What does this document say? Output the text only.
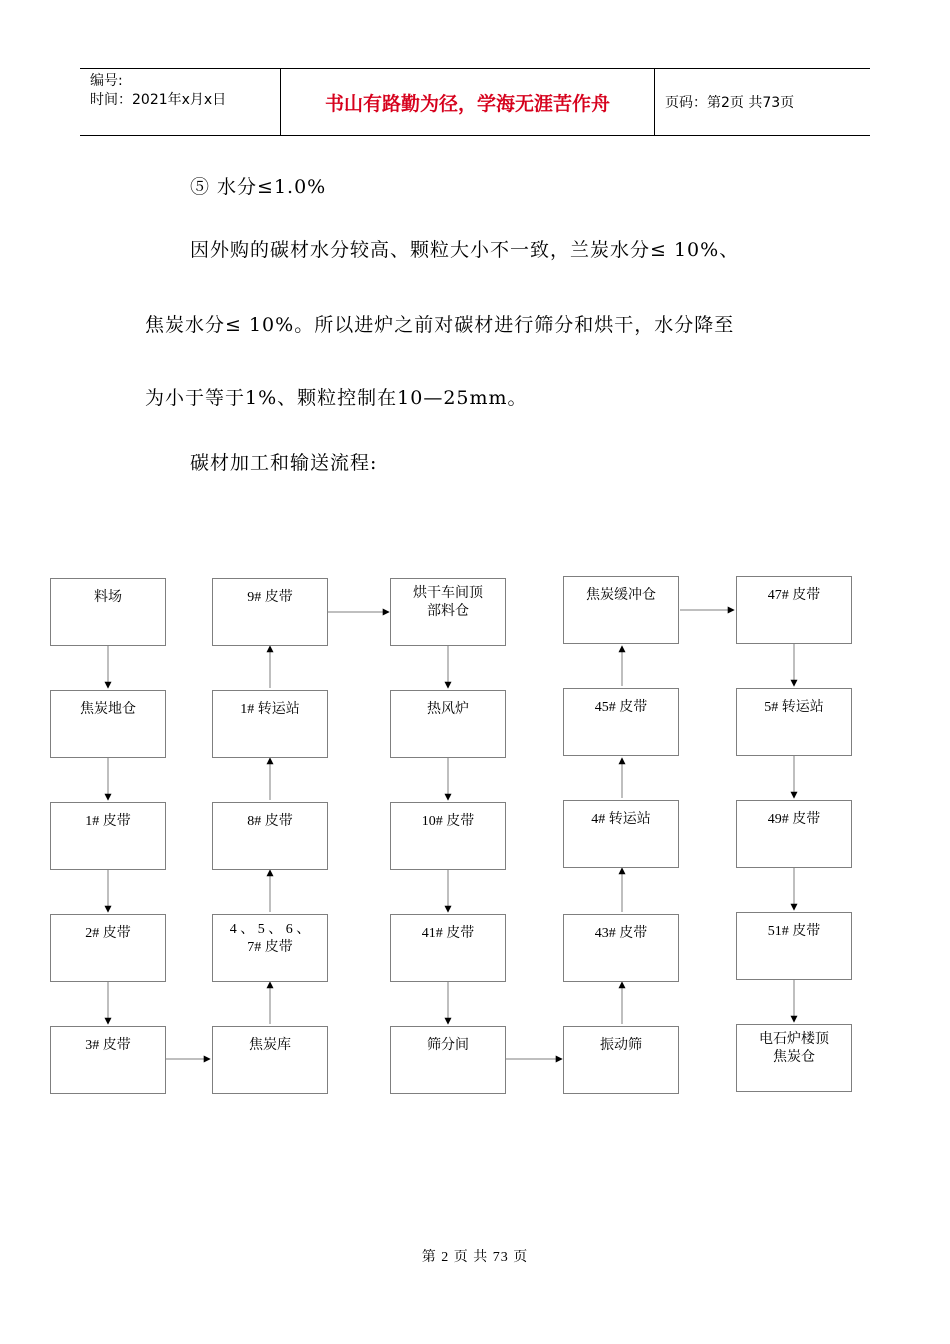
编号:
时间：2021年x月x日	书山有路勤为径，学海无涯苦作舟	页码：第2页 共73页
⑤ 水分≤1.0%
因外购的碳材水分较高、颗粒大小不一致，兰炭水分≤ 10%、
焦炭水分≤ 10%。所以进炉之前对碳材进行筛分和烘干，水分降至
为小于等于1%、颗粒控制在10—25mm。
碳材加工和输送流程:
料场
焦炭地仓
1# 皮带
2# 皮带
3# 皮带
9# 皮带
1# 转运站
8# 皮带
4 、 5 、 6 、
7# 皮带
焦炭库
烘干车间顶
部料仓
热风炉
10# 皮带
41# 皮带
筛分间
焦炭缓冲仓
45# 皮带
4# 转运站
43# 皮带
振动筛
47# 皮带
5# 转运站
49# 皮带
51# 皮带
电石炉楼顶
焦炭仓
第 2 页 共 73 页
